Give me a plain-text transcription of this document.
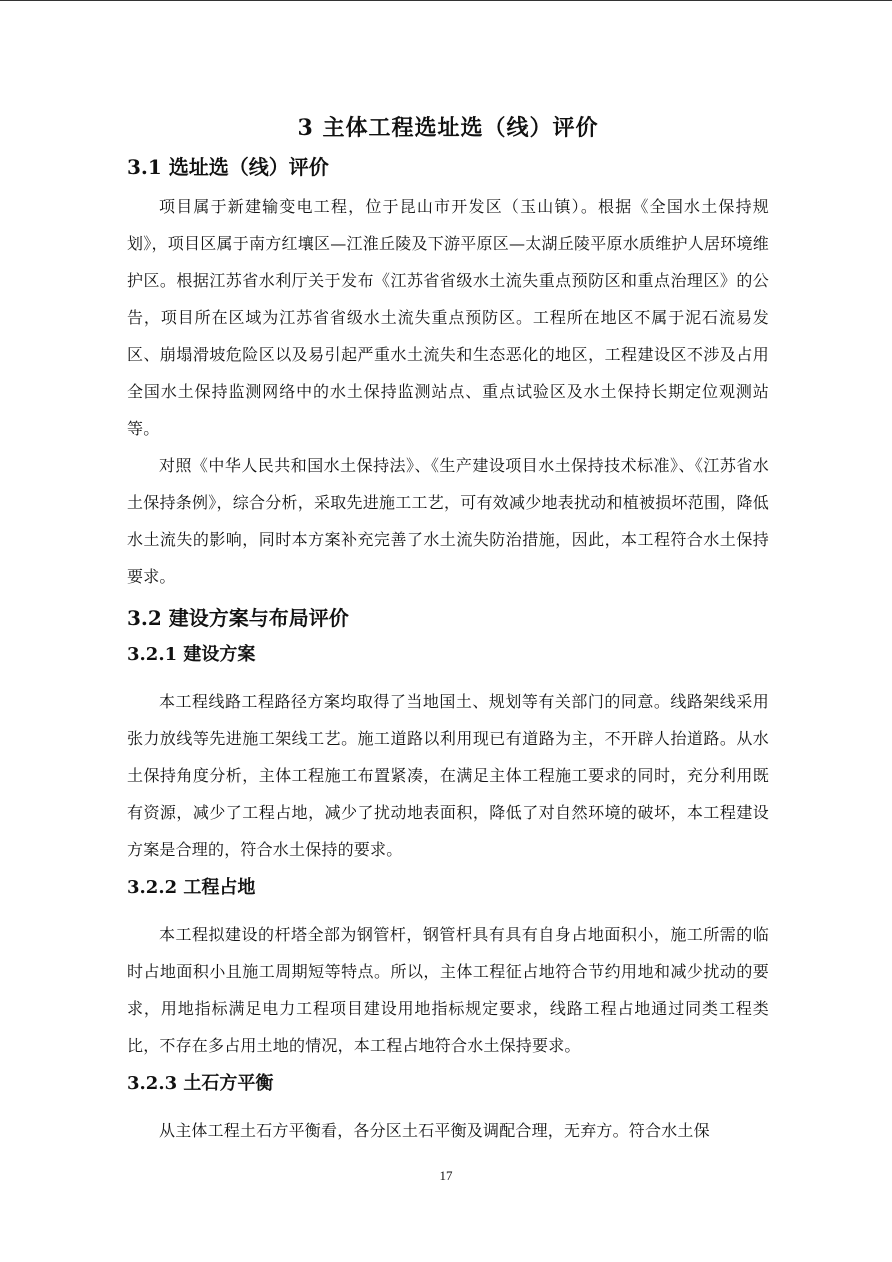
3 主体工程选址选（线）评价
3.1 选址选（线）评价

项目属于新建输变电工程，位于昆山市开发区（玉山镇）。根据《全国水土保持规划》，项目区属于南方红壤区—江淮丘陵及下游平原区—太湖丘陵平原水质维护人居环境维护区。根据江苏省水利厅关于发布《江苏省省级水土流失重点预防区和重点治理区》的公告，项目所在区域为江苏省省级水土流失重点预防区。工程所在地区不属于泥石流易发区、崩塌滑坡危险区以及易引起严重水土流失和生态恶化的地区，工程建设区不涉及占用全国水土保持监测网络中的水土保持监测站点、重点试验区及水土保持长期定位观测站等。

对照《中华人民共和国水土保持法》、《生产建设项目水土保持技术标准》、《江苏省水土保持条例》，综合分析，采取先进施工工艺，可有效减少地表扰动和植被损坏范围，降低水土流失的影响，同时本方案补充完善了水土流失防治措施，因此，本工程符合水土保持要求。

3.2 建设方案与布局评价
3.2.1 建设方案

本工程线路工程路径方案均取得了当地国土、规划等有关部门的同意。线路架线采用张力放线等先进施工架线工艺。施工道路以利用现已有道路为主，不开辟人抬道路。从水土保持角度分析，主体工程施工布置紧凑，在满足主体工程施工要求的同时，充分利用既有资源，减少了工程占地，减少了扰动地表面积，降低了对自然环境的破坏，本工程建设方案是合理的，符合水土保持的要求。

3.2.2 工程占地

本工程拟建设的杆塔全部为钢管杆，钢管杆具有具有自身占地面积小，施工所需的临时占地面积小且施工周期短等特点。所以，主体工程征占地符合节约用地和减少扰动的要求，用地指标满足电力工程项目建设用地指标规定要求，线路工程占地通过同类工程类比，不存在多占用土地的情况，本工程占地符合水土保持要求。

3.2.3 土石方平衡

从主体工程土石方平衡看，各分区土石平衡及调配合理，无弃方。符合水土保

17
